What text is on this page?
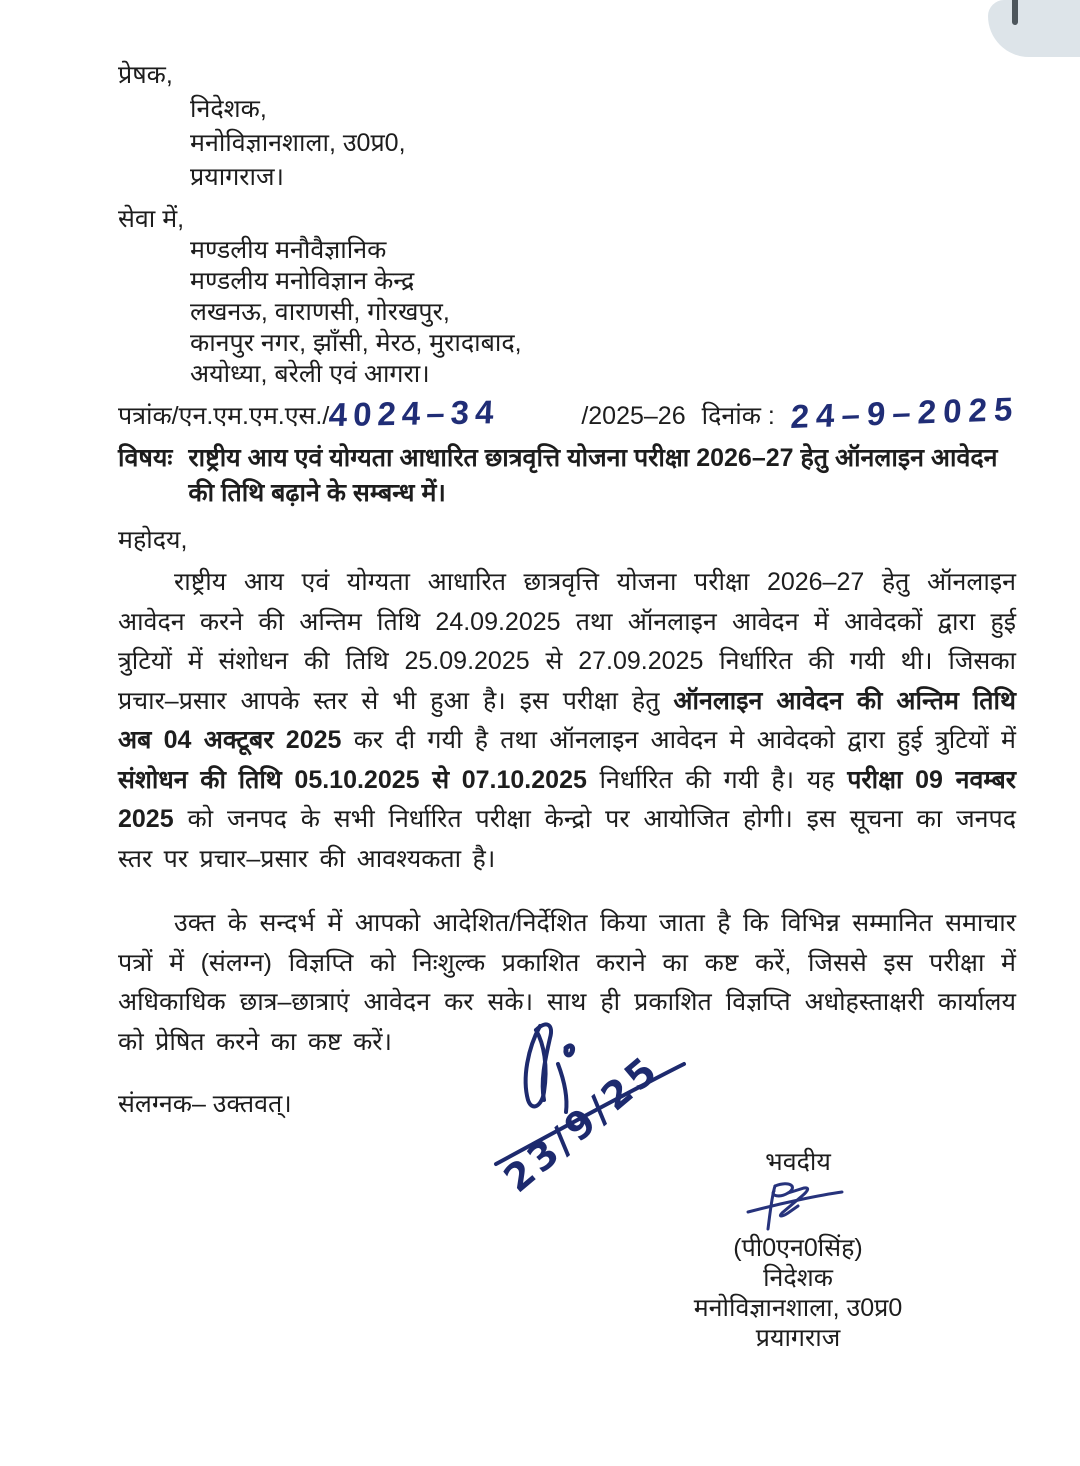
प्रेषक,
निदेशक,
मनोविज्ञानशाला, उ0प्र0,
प्रयागराज।
सेवा में,
मण्डलीय मनौवैज्ञानिक
मण्डलीय मनोविज्ञान केन्द्र
लखनऊ, वाराणसी, गोरखपुर,
कानपुर नगर, झाँसी, मेरठ, मुरादाबाद,
अयोध्या, बरेली एवं आगरा।
पत्रांक/एन.एम.एम.एस./
4024–34	/2025–26 दिनांक : 24–9–2025
विषयः राष्ट्रीय आय एवं योग्यता आधारित छात्रवृत्ति योजना परीक्षा 2026–27 हेतु ऑनलाइन आवेदन की तिथि बढ़ाने के सम्बन्ध में।
महोदय,

राष्ट्रीय आय एवं योग्यता आधारित छात्रवृत्ति योजना परीक्षा 2026–27 हेतु ऑनलाइन आवेदन करने की अन्तिम तिथि 24.09.2025 तथा ऑनलाइन आवेदन में आवेदकों द्वारा हुई त्रुटियों में संशोधन की तिथि 25.09.2025 से 27.09.2025 निर्धारित की गयी थी। जिसका प्रचार–प्रसार आपके स्तर से भी हुआ है। इस परीक्षा हेतु ऑनलाइन आवेदन की अन्तिम तिथि अब 04 अक्टूबर 2025 कर दी गयी है तथा ऑनलाइन आवेदन मे आवेदको द्वारा हुई त्रुटियों में संशोधन की तिथि 05.10.2025 से 07.10.2025 निर्धारित की गयी है। यह परीक्षा 09 नवम्बर 2025 को जनपद के सभी निर्धारित परीक्षा केन्द्रो पर आयोजित होगी। इस सूचना का जनपद स्तर पर प्रचार–प्रसार की आवश्यकता है।

उक्त के सन्दर्भ में आपको आदेशित/निर्देशित किया जाता है कि विभिन्न सम्मानित समाचार पत्रों में (संलग्न) विज्ञप्ति को निःशुल्क प्रकाशित कराने का कष्ट करें, जिससे इस परीक्षा में अधिकाधिक छात्र–छात्राएं आवेदन कर सके। साथ ही प्रकाशित विज्ञप्ति अधोहस्ताक्षरी कार्यालय को प्रेषित करने का कष्ट करें।

संलग्नक– उक्तवत्।
भवदीय
(पी0एन0सिंह)
निदेशक
मनोविज्ञानशाला, उ0प्र0
प्रयागराज
23/9/25
